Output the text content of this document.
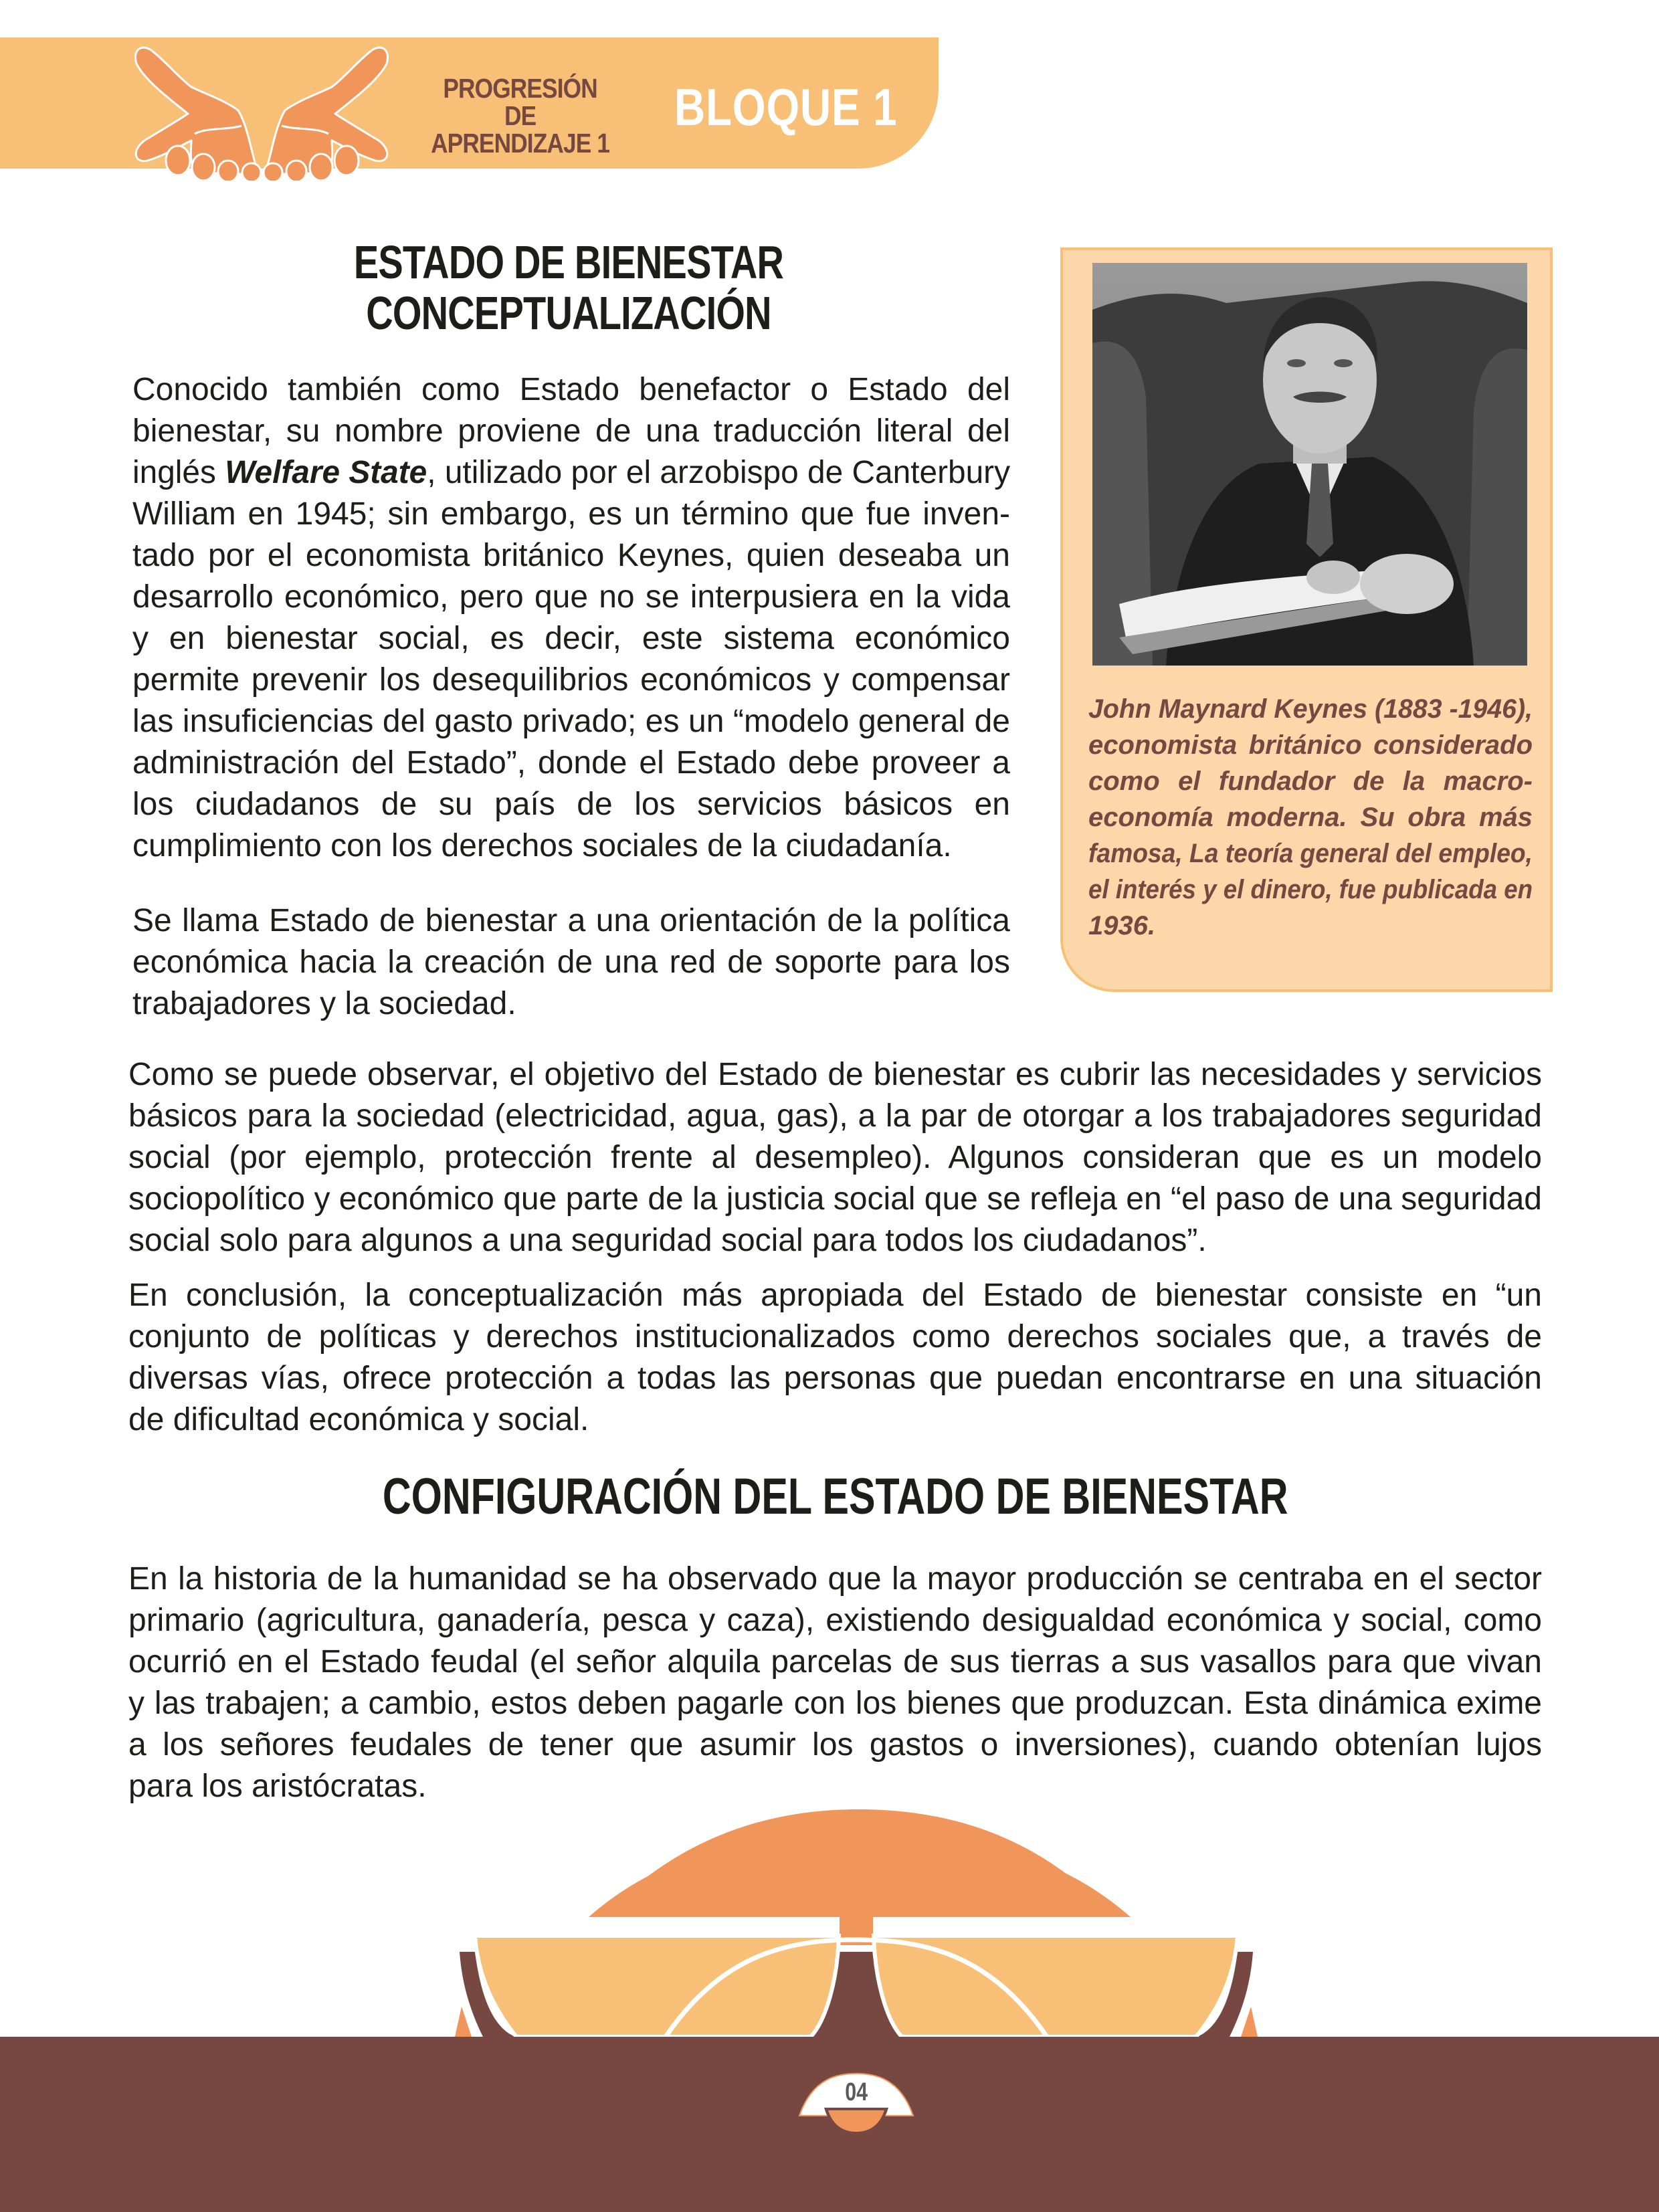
PROGRESIÓN DE
APRENDIZAJE 1
BLOQUE 1
ESTADO DE BIENESTAR
CONCEPTUALIZACIÓN
Conocido también como Estado benefactor o Estado del
bienestar, su nombre proviene de una traducción literal del
inglés Welfare State, utilizado por el arzobispo de Canterbury
William en 1945; sin embargo, es un término que fue inven-
tado por el economista británico Keynes, quien deseaba un
desarrollo económico, pero que no se interpusiera en la vida
y en bienestar social, es decir, este sistema económico
permite prevenir los desequilibrios económicos y compensar
las insuficiencias del gasto privado; es un “modelo general de
administración del Estado”, donde el Estado debe proveer a
los ciudadanos de su país de los servicios básicos en
cumplimiento con los derechos sociales de la ciudadanía.
Se llama Estado de bienestar a una orientación de la política
económica hacia la creación de una red de soporte para los
trabajadores y la sociedad.
John Maynard Keynes (1883 -1946),
economista británico considerado
como el fundador de la macro-
economía moderna. Su obra más
famosa, La teoría general del empleo,
el interés y el dinero, fue publicada en
1936.
Como se puede observar, el objetivo del Estado de bienestar es cubrir las necesidades y servicios
básicos para la sociedad (electricidad, agua, gas), a la par de otorgar a los trabajadores seguridad
social (por ejemplo, protección frente al desempleo). Algunos consideran que es un modelo
sociopolítico y económico que parte de la justicia social que se refleja en “el paso de una seguridad
social solo para algunos a una seguridad social para todos los ciudadanos”.
En conclusión, la conceptualización más apropiada del Estado de bienestar consiste en “un
conjunto de políticas y derechos institucionalizados como derechos sociales que, a través de
diversas vías, ofrece protección a todas las personas que puedan encontrarse en una situación
de dificultad económica y social.
CONFIGURACIÓN DEL ESTADO DE BIENESTAR
En la historia de la humanidad se ha observado que la mayor producción se centraba en el sector
primario (agricultura, ganadería, pesca y caza), existiendo desigualdad económica y social, como
ocurrió en el Estado feudal (el señor alquila parcelas de sus tierras a sus vasallos para que vivan
y las trabajen; a cambio, estos deben pagarle con los bienes que produzcan. Esta dinámica exime
a los señores feudales de tener que asumir los gastos o inversiones), cuando obtenían lujos
para los aristócratas.
04
